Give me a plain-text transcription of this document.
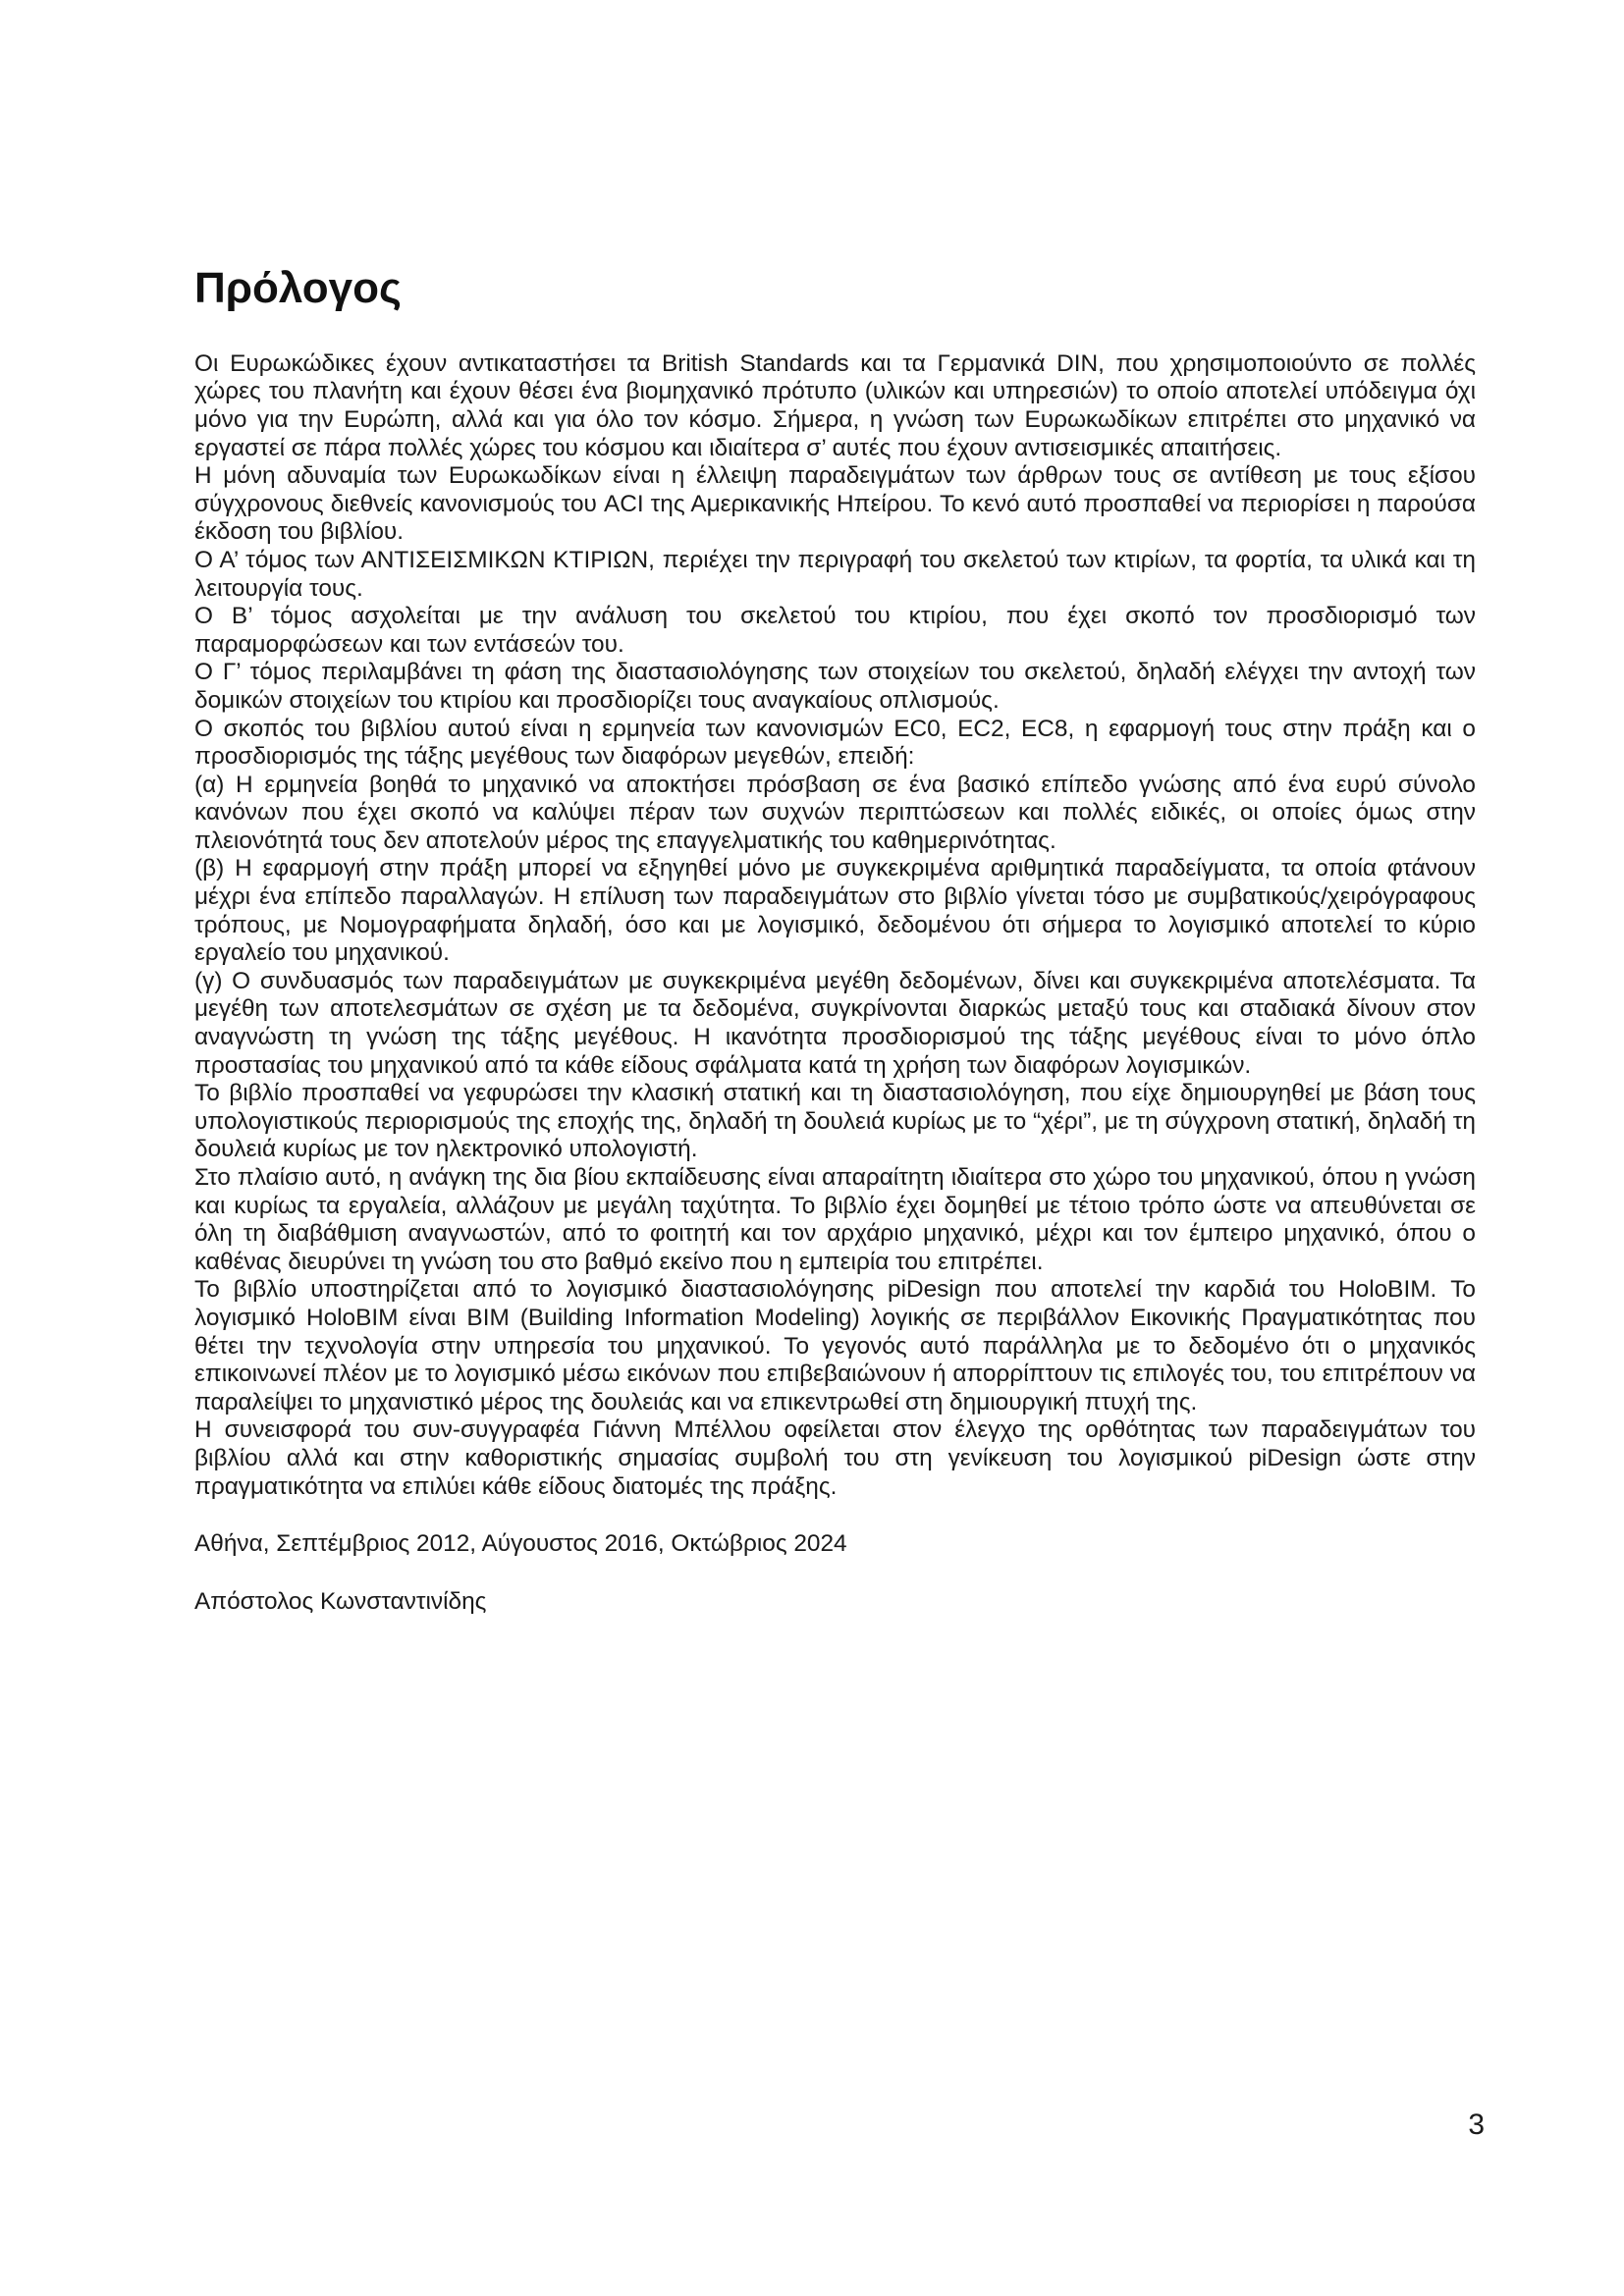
Πρόλογος

Οι Ευρωκώδικες έχουν αντικαταστήσει τα British Standards και τα Γερμανικά DIN, που χρησιμοποιούντο σε πολλές χώρες του πλανήτη και έχουν θέσει ένα βιομηχανικό πρότυπο (υλικών και υπηρεσιών) το οποίο αποτελεί υπόδειγμα όχι μόνο για την Ευρώπη, αλλά και για όλο τον κόσμο. Σήμερα, η γνώση των Ευρωκωδίκων επιτρέπει στο μηχανικό να εργαστεί σε πάρα πολλές χώρες του κόσμου και ιδιαίτερα σ’ αυτές που έχουν αντισεισμικές απαιτήσεις.

Η μόνη αδυναμία των Ευρωκωδίκων είναι η έλλειψη παραδειγμάτων των άρθρων τους σε αντίθεση με τους εξίσου σύγχρονους διεθνείς κανονισμούς του ACI της Αμερικανικής Ηπείρου. Το κενό αυτό προσπαθεί να περιορίσει η παρούσα έκδοση του βιβλίου.

Ο Α’ τόμος των ΑΝΤΙΣΕΙΣΜΙΚΩΝ ΚΤΙΡΙΩΝ, περιέχει την περιγραφή του σκελετού των κτιρίων, τα φορτία, τα υλικά και τη λειτουργία τους.

Ο Β’ τόμος ασχολείται με την ανάλυση του σκελετού του κτιρίου, που έχει σκοπό τον προσδιορισμό των παραμορφώσεων και των εντάσεών του.

Ο Γ’ τόμος περιλαμβάνει τη φάση της διαστασιολόγησης των στοιχείων του σκελετού, δηλαδή ελέγχει την αντοχή των δομικών στοιχείων του κτιρίου και προσδιορίζει τους αναγκαίους οπλισμούς.

Ο σκοπός του βιβλίου αυτού είναι η ερμηνεία των κανονισμών EC0, EC2, EC8, η εφαρμογή τους στην πράξη και ο προσδιορισμός της τάξης μεγέθους των διαφόρων μεγεθών, επειδή:

(α) Η ερμηνεία βοηθά το μηχανικό να αποκτήσει πρόσβαση σε ένα βασικό επίπεδο γνώσης από ένα ευρύ σύνολο κανόνων που έχει σκοπό να καλύψει πέραν των συχνών περιπτώσεων και πολλές ειδικές, οι οποίες όμως στην πλειονότητά τους δεν αποτελούν μέρος της επαγγελματικής του καθημερινότητας.

(β) Η εφαρμογή στην πράξη μπορεί να εξηγηθεί μόνο με συγκεκριμένα αριθμητικά παραδείγματα, τα οποία φτάνουν μέχρι ένα επίπεδο παραλλαγών. Η επίλυση των παραδειγμάτων στο βιβλίο γίνεται τόσο με συμβατικούς/χειρόγραφους τρόπους, με Νομογραφήματα δηλαδή, όσο και με λογισμικό, δεδομένου ότι σήμερα το λογισμικό αποτελεί το κύριο εργαλείο του μηχανικού.

(γ) Ο συνδυασμός των παραδειγμάτων με συγκεκριμένα μεγέθη δεδομένων, δίνει και συγκεκριμένα αποτελέσματα. Τα μεγέθη των αποτελεσμάτων σε σχέση με τα δεδομένα, συγκρίνονται διαρκώς μεταξύ τους και σταδιακά δίνουν στον αναγνώστη τη γνώση της τάξης μεγέθους. Η ικανότητα προσδιορισμού της τάξης μεγέθους είναι το μόνο όπλο προστασίας του μηχανικού από τα κάθε είδους σφάλματα κατά τη χρήση των διαφόρων λογισμικών.

Το βιβλίο προσπαθεί να γεφυρώσει την κλασική στατική και τη διαστασιολόγηση, που είχε δημιουργηθεί με βάση τους υπολογιστικούς περιορισμούς της εποχής της, δηλαδή τη δουλειά κυρίως με το “χέρι”, με τη σύγχρονη στατική, δηλαδή τη δουλειά κυρίως με τον ηλεκτρονικό υπολογιστή.

Στο πλαίσιο αυτό, η ανάγκη της δια βίου εκπαίδευσης είναι απαραίτητη ιδιαίτερα στο χώρο του μηχανικού, όπου η γνώση και κυρίως τα εργαλεία, αλλάζουν με μεγάλη ταχύτητα. Το βιβλίο έχει δομηθεί με τέτοιο τρόπο ώστε να απευθύνεται σε όλη τη διαβάθμιση αναγνωστών, από το φοιτητή και τον αρχάριο μηχανικό, μέχρι και τον έμπειρο μηχανικό, όπου ο καθένας διευρύνει τη γνώση του στο βαθμό εκείνο που η εμπειρία του επιτρέπει.

Το βιβλίο υποστηρίζεται από το λογισμικό διαστασιολόγησης piDesign που αποτελεί την καρδιά του HoloBIM. Το λογισμικό HoloBIM είναι BIM (Building Information Modeling) λογικής σε περιβάλλον Εικονικής Πραγματικότητας που θέτει την τεχνολογία στην υπηρεσία του μηχανικού. Το γεγονός αυτό παράλληλα με το δεδομένο ότι ο μηχανικός επικοινωνεί πλέον με το λογισμικό μέσω εικόνων που επιβεβαιώνουν ή απορρίπτουν τις επιλογές του, του επιτρέπουν να παραλείψει το μηχανιστικό μέρος της δουλειάς και να επικεντρωθεί στη δημιουργική πτυχή της.

Η συνεισφορά του συν-συγγραφέα Γιάννη Μπέλλου οφείλεται στον έλεγχο της ορθότητας των παραδειγμάτων του βιβλίου αλλά και στην καθοριστικής σημασίας συμβολή του στη γενίκευση του λογισμικού piDesign ώστε στην πραγματικότητα να επιλύει κάθε είδους διατομές της πράξης.

Αθήνα, Σεπτέμβριος 2012, Αύγουστος 2016, Οκτώβριος 2024

Απόστολος Κωνσταντινίδης

3
